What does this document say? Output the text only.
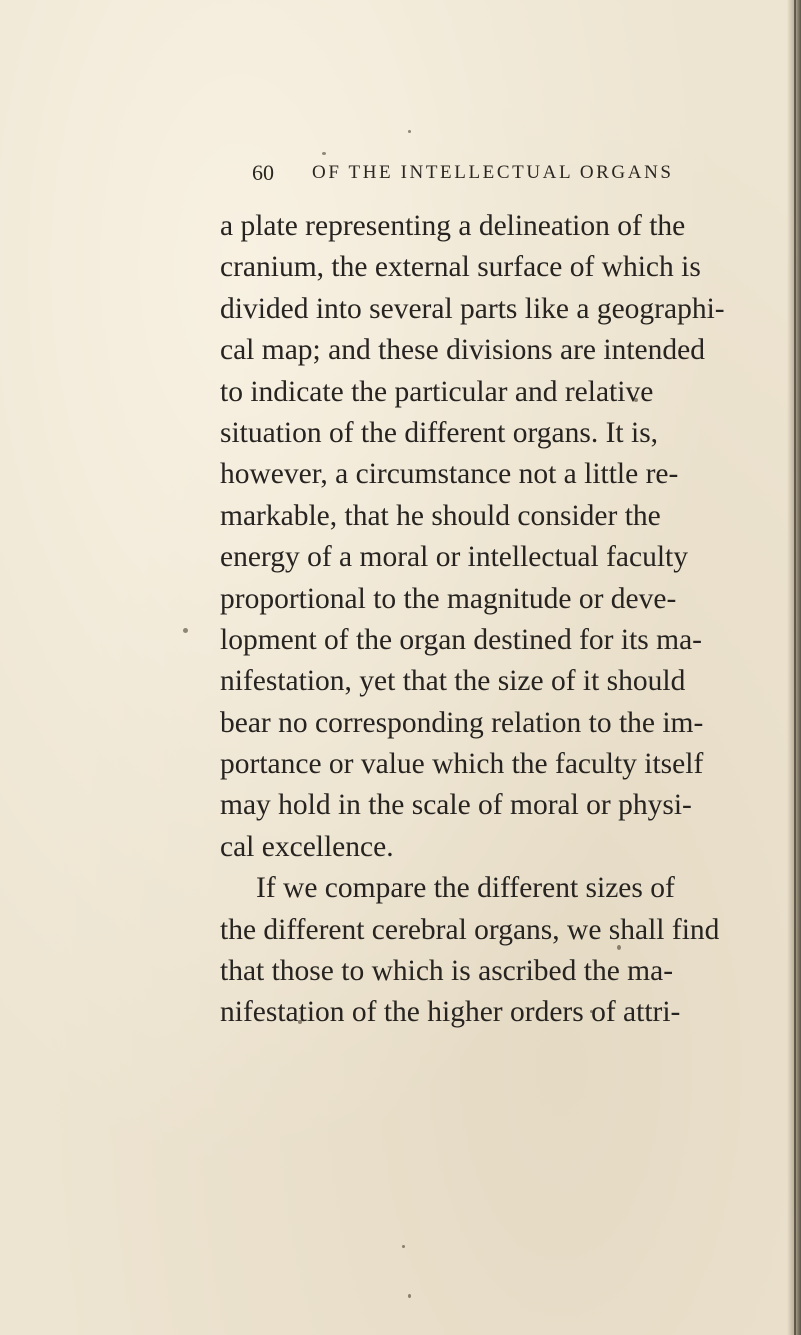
60 OF THE INTELLECTUAL ORGANS
a plate representing a delineation of the
cranium, the external surface of which is
divided into several parts like a geographi-
cal map; and these divisions are intended
to indicate the particular and relative
situation of the different organs. It is,
however, a circumstance not a little re-
markable, that he should consider the
energy of a moral or intellectual faculty
proportional to the magnitude or deve-
lopment of the organ destined for its ma-
nifestation, yet that the size of it should
bear no corresponding relation to the im-
portance or value which the faculty itself
may hold in the scale of moral or physi-
cal excellence.
If we compare the different sizes of
the different cerebral organs, we shall find
that those to which is ascribed the ma-
nifestation of the higher orders of attri-
